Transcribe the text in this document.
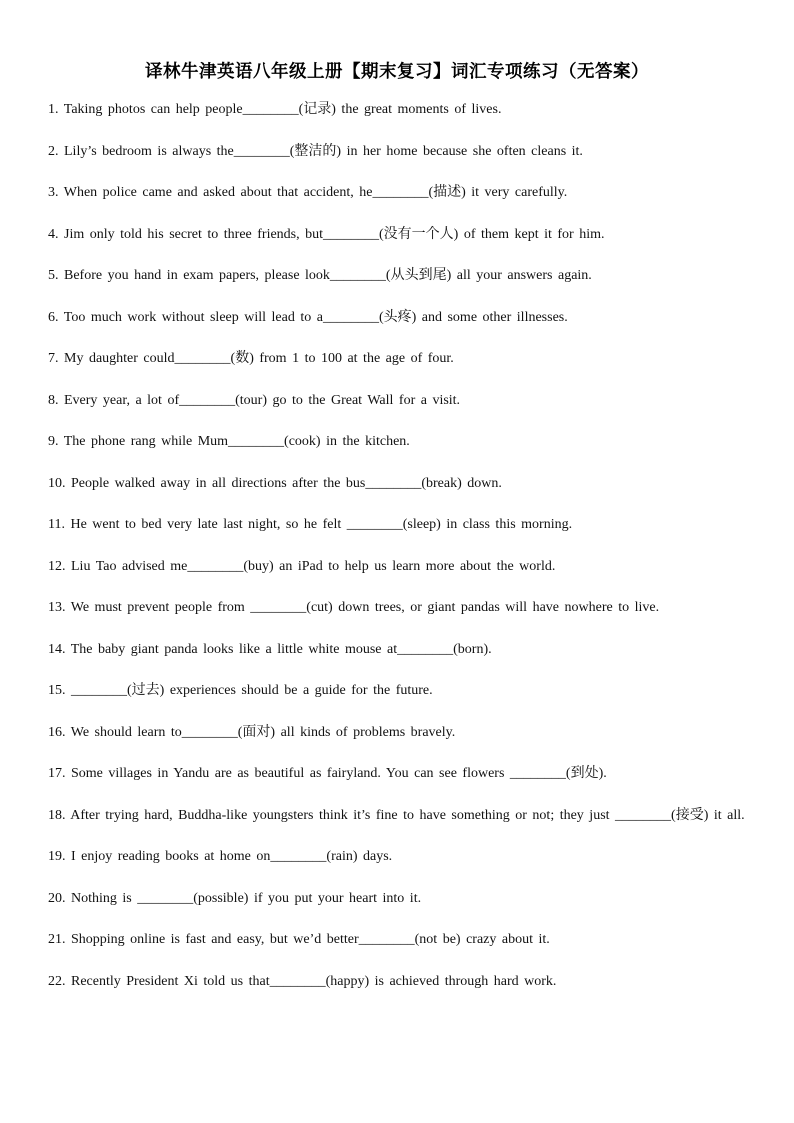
译林牛津英语八年级上册【期末复习】词汇专项练习（无答案）
1. Taking photos can help people________(记录) the great moments of lives.
2. Lily’s bedroom is always the________(整洁的) in her home because she often cleans it.
3. When police came and asked about that accident, he________(描述) it very carefully.
4. Jim only told his secret to three friends, but________(没有一个人) of them kept it for him.
5. Before you hand in exam papers, please look________(从头到尾) all your answers again.
6. Too much work without sleep will lead to a________(头疼) and some other illnesses.
7. My daughter could________(数) from 1 to 100 at the age of four.
8. Every year, a lot of________(tour) go to the Great Wall for a visit.
9. The phone rang while Mum________(cook) in the kitchen.
10. People walked away in all directions after the bus________(break) down.
11. He went to bed very late last night, so he felt ________(sleep) in class this morning.
12. Liu Tao advised me________(buy) an iPad to help us learn more about the world.
13. We must prevent people from ________(cut) down trees, or giant pandas will have nowhere to live.
14. The baby giant panda looks like a little white mouse at________(born).
15. ________(过去) experiences should be a guide for the future.
16. We should learn to________(面对) all kinds of problems bravely.
17. Some villages in Yandu are as beautiful as fairyland. You can see flowers ________(到处).
18. After trying hard, Buddha-like youngsters think it’s fine to have something or not; they just ________(接受) it all.
19. I enjoy reading books at home on________(rain) days.
20. Nothing is ________(possible) if you put your heart into it.
21. Shopping online is fast and easy, but we’d better________(not be) crazy about it.
22. Recently President Xi told us that________(happy) is achieved through hard work.
